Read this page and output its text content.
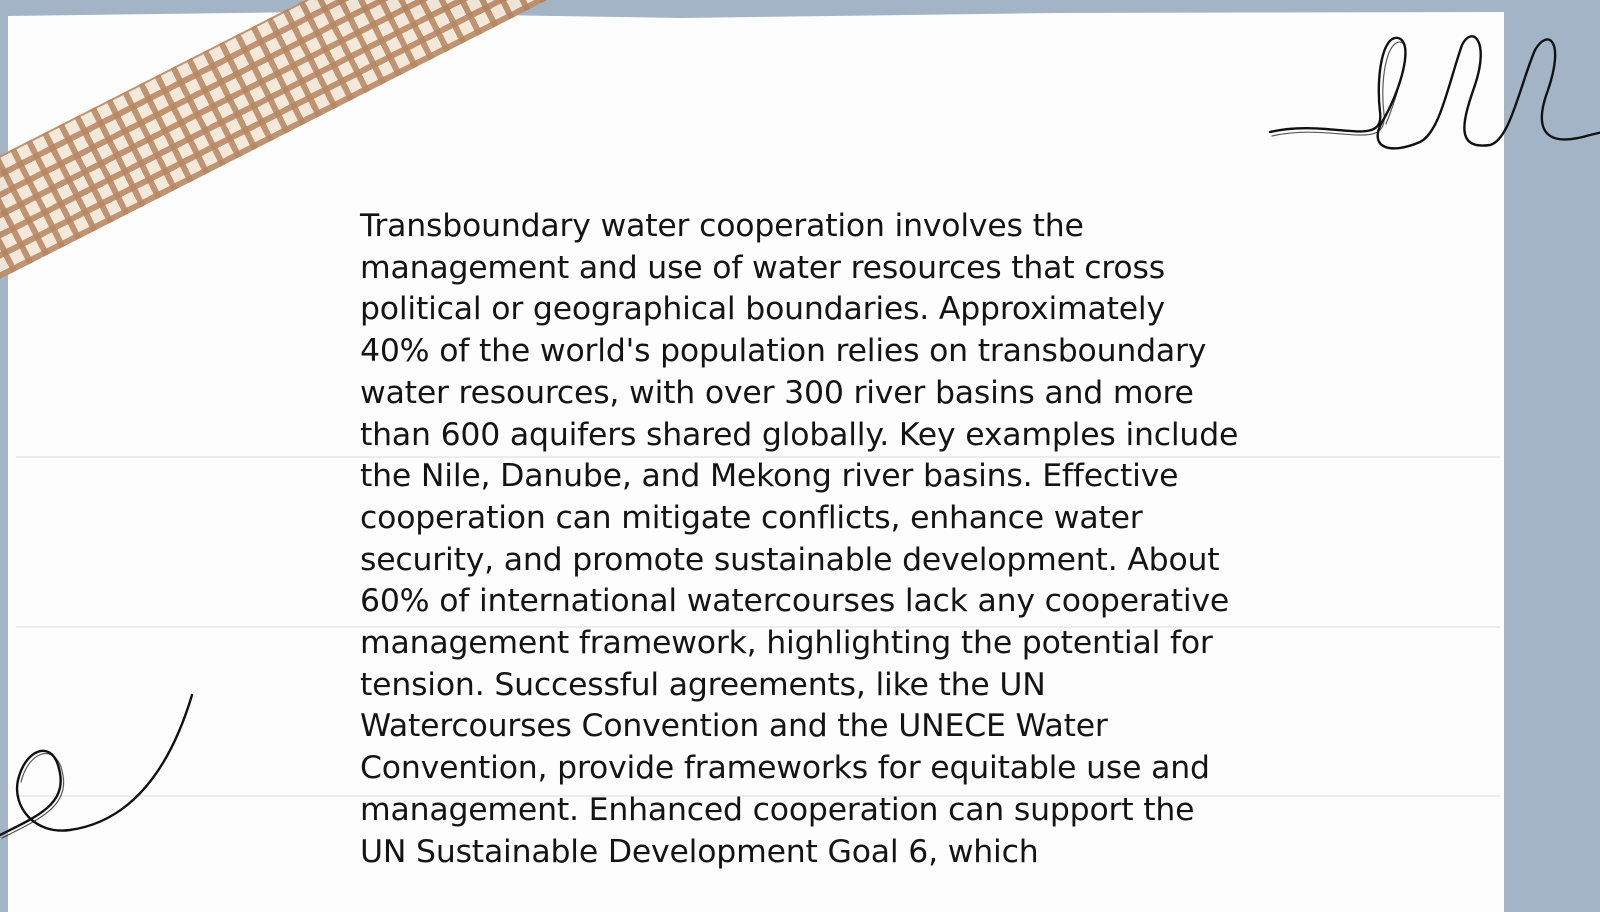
Transboundary water cooperation involves the management and use of water resources that cross political or geographical boundaries. Approximately 40% of the world's population relies on transboundary water resources, with over 300 river basins and more than 600 aquifers shared globally. Key examples include the Nile, Danube, and Mekong river basins. Effective cooperation can mitigate conflicts, enhance water security, and promote sustainable development. About 60% of international watercourses lack any cooperative management framework, highlighting the potential for tension. Successful agreements, like the UN Watercourses Convention and the UNECE Water Convention, provide frameworks for equitable use and management. Enhanced cooperation can support the UN Sustainable Development Goal 6, which
